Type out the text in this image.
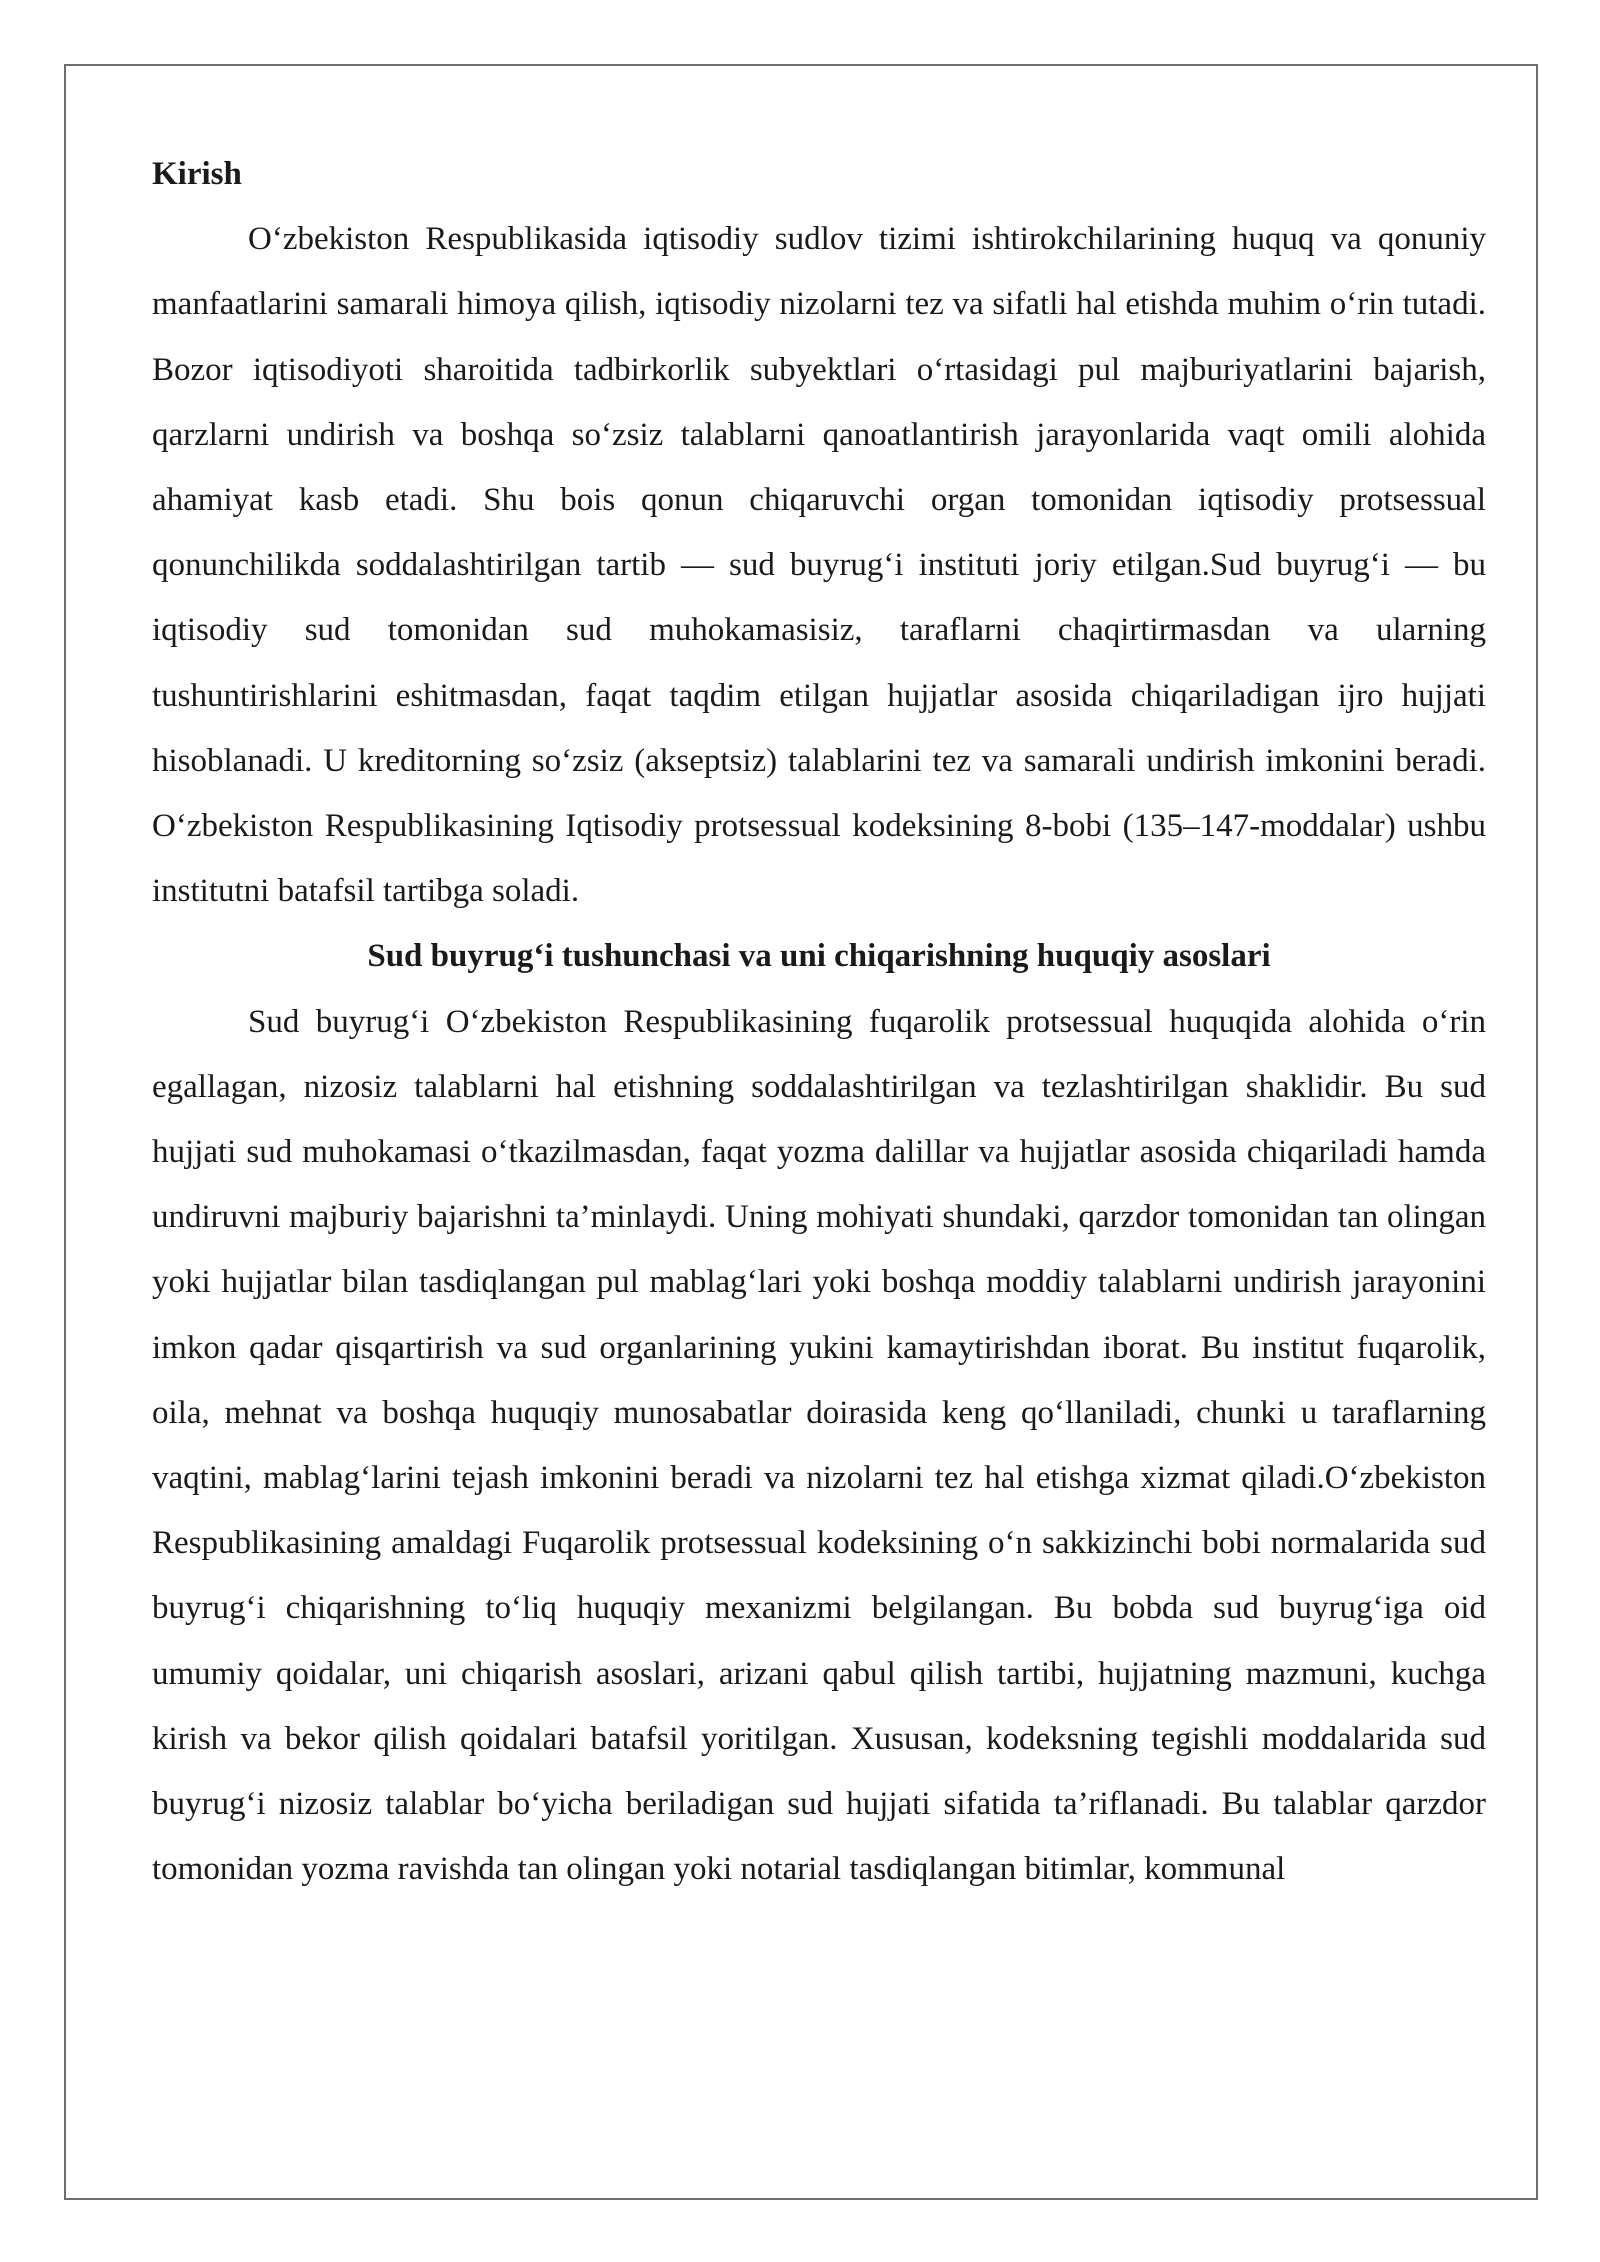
Kirish

O‘zbekiston Respublikasida iqtisodiy sudlov tizimi ishtirokchilarining huquq va qonuniy manfaatlarini samarali himoya qilish, iqtisodiy nizolarni tez va sifatli hal etishda muhim o‘rin tutadi. Bozor iqtisodiyoti sharoitida tadbirkorlik subyektlari o‘rtasidagi pul majburiyatlarini bajarish, qarzlarni undirish va boshqa so‘zsiz talablarni qanoatlantirish jarayonlarida vaqt omili alohida ahamiyat kasb etadi. Shu bois qonun chiqaruvchi organ tomonidan iqtisodiy protsessual qonunchilikda soddalashtirilgan tartib — sud buyrug‘i instituti joriy etilgan.Sud buyrug‘i — bu iqtisodiy sud tomonidan sud muhokamasisiz, taraflarni chaqirtirmasdan va ularning tushuntirishlarini eshitmasdan, faqat taqdim etilgan hujjatlar asosida chiqariladigan ijro hujjati hisoblanadi. U kreditorning so‘zsiz (akseptsiz) talablarini tez va samarali undirish imkonini beradi. O‘zbekiston Respublikasining Iqtisodiy protsessual kodeksining 8-bobi (135–147-moddalar) ushbu institutni batafsil tartibga soladi.

Sud buyrug‘i tushunchasi va uni chiqarishning huquqiy asoslari

Sud buyrug‘i O‘zbekiston Respublikasining fuqarolik protsessual huquqida alohida o‘rin egallagan, nizosiz talablarni hal etishning soddalashtirilgan va tezlashtirilgan shaklidir. Bu sud hujjati sud muhokamasi o‘tkazilmasdan, faqat yozma dalillar va hujjatlar asosida chiqariladi hamda undiruvni majburiy bajarishni ta’minlaydi. Uning mohiyati shundaki, qarzdor tomonidan tan olingan yoki hujjatlar bilan tasdiqlangan pul mablag‘lari yoki boshqa moddiy talablarni undirish jarayonini imkon qadar qisqartirish va sud organlarining yukini kamaytirishdan iborat. Bu institut fuqarolik, oila, mehnat va boshqa huquqiy munosabatlar doirasida keng qo‘llaniladi, chunki u taraflarning vaqtini, mablag‘larini tejash imkonini beradi va nizolarni tez hal etishga xizmat qiladi.O‘zbekiston Respublikasining amaldagi Fuqarolik protsessual kodeksining o‘n sakkizinchi bobi normalarida sud buyrug‘i chiqarishning to‘liq huquqiy mexanizmi belgilangan. Bu bobda sud buyrug‘iga oid umumiy qoidalar, uni chiqarish asoslari, arizani qabul qilish tartibi, hujjatning mazmuni, kuchga kirish va bekor qilish qoidalari batafsil yoritilgan. Xususan, kodeksning tegishli moddalarida sud buyrug‘i nizosiz talablar bo‘yicha beriladigan sud hujjati sifatida ta’riflanadi. Bu talablar qarzdor tomonidan yozma ravishda tan olingan yoki notarial tasdiqlangan bitimlar, kommunal
